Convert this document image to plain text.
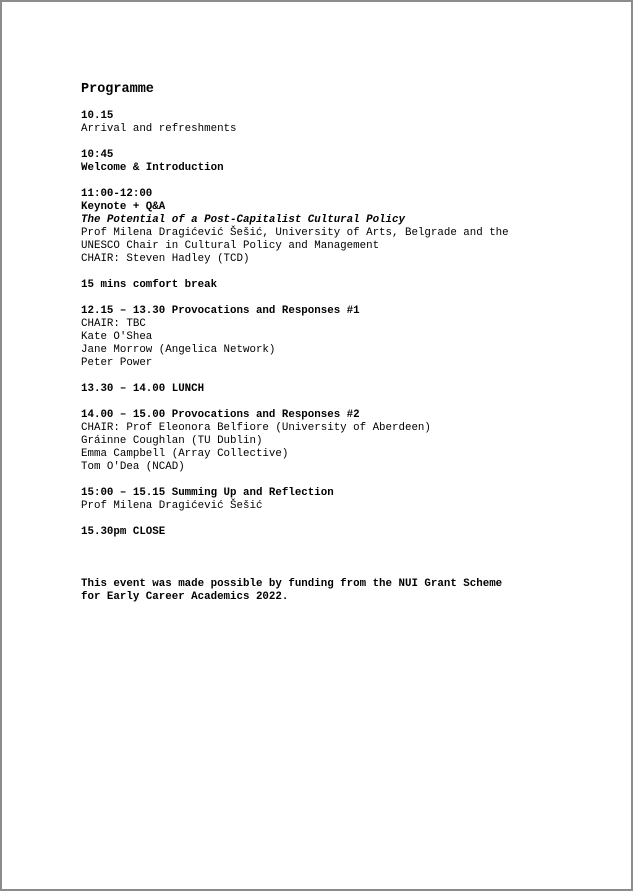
Programme
10.15
Arrival and refreshments
10:45
Welcome & Introduction
11:00-12:00
Keynote + Q&A
The Potential of a Post-Capitalist Cultural Policy
Prof Milena Dragićević Šešić, University of Arts, Belgrade and the
UNESCO Chair in Cultural Policy and Management
CHAIR: Steven Hadley (TCD)
15 mins comfort break
12.15 – 13.30 Provocations and Responses #1
CHAIR: TBC
Kate O'Shea
Jane Morrow (Angelica Network)
Peter Power
13.30 – 14.00 LUNCH
14.00 – 15.00 Provocations and Responses #2
CHAIR: Prof Eleonora Belfiore (University of Aberdeen)
Gráinne Coughlan (TU Dublin)
Emma Campbell (Array Collective)
Tom O'Dea (NCAD)
15:00 – 15.15 Summing Up and Reflection
Prof Milena Dragićević Šešić
15.30pm CLOSE
This event was made possible by funding from the NUI Grant Scheme
for Early Career Academics 2022.
